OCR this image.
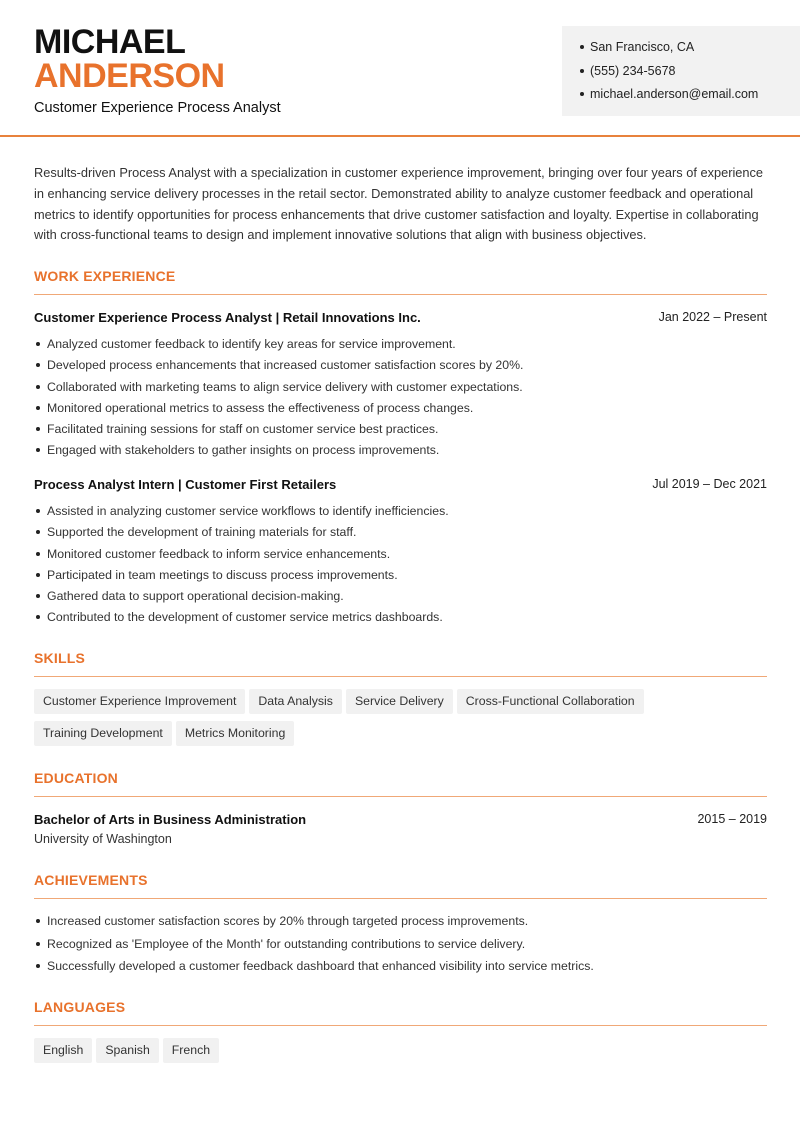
MICHAEL
ANDERSON
Customer Experience Process Analyst
San Francisco, CA
(555) 234-5678
michael.anderson@email.com

Results-driven Process Analyst with a specialization in customer experience improvement, bringing over four years of experience in enhancing service delivery processes in the retail sector. Demonstrated ability to analyze customer feedback and operational metrics to identify opportunities for process enhancements that drive customer satisfaction and loyalty. Expertise in collaborating with cross-functional teams to design and implement innovative solutions that align with business objectives.

WORK EXPERIENCE
Customer Experience Process Analyst | Retail Innovations Inc.	Jan 2022 – Present
Analyzed customer feedback to identify key areas for service improvement.
Developed process enhancements that increased customer satisfaction scores by 20%.
Collaborated with marketing teams to align service delivery with customer expectations.
Monitored operational metrics to assess the effectiveness of process changes.
Facilitated training sessions for staff on customer service best practices.
Engaged with stakeholders to gather insights on process improvements.
Process Analyst Intern | Customer First Retailers	Jul 2019 – Dec 2021
Assisted in analyzing customer service workflows to identify inefficiencies.
Supported the development of training materials for staff.
Monitored customer feedback to inform service enhancements.
Participated in team meetings to discuss process improvements.
Gathered data to support operational decision-making.
Contributed to the development of customer service metrics dashboards.
SKILLS
Customer Experience Improvement Data Analysis Service Delivery Cross-Functional Collaboration
Training Development Metrics Monitoring
EDUCATION
Bachelor of Arts in Business Administration	2015 – 2019
University of Washington
ACHIEVEMENTS
Increased customer satisfaction scores by 20% through targeted process improvements.
Recognized as 'Employee of the Month' for outstanding contributions to service delivery.
Successfully developed a customer feedback dashboard that enhanced visibility into service metrics.
LANGUAGES
English Spanish French
